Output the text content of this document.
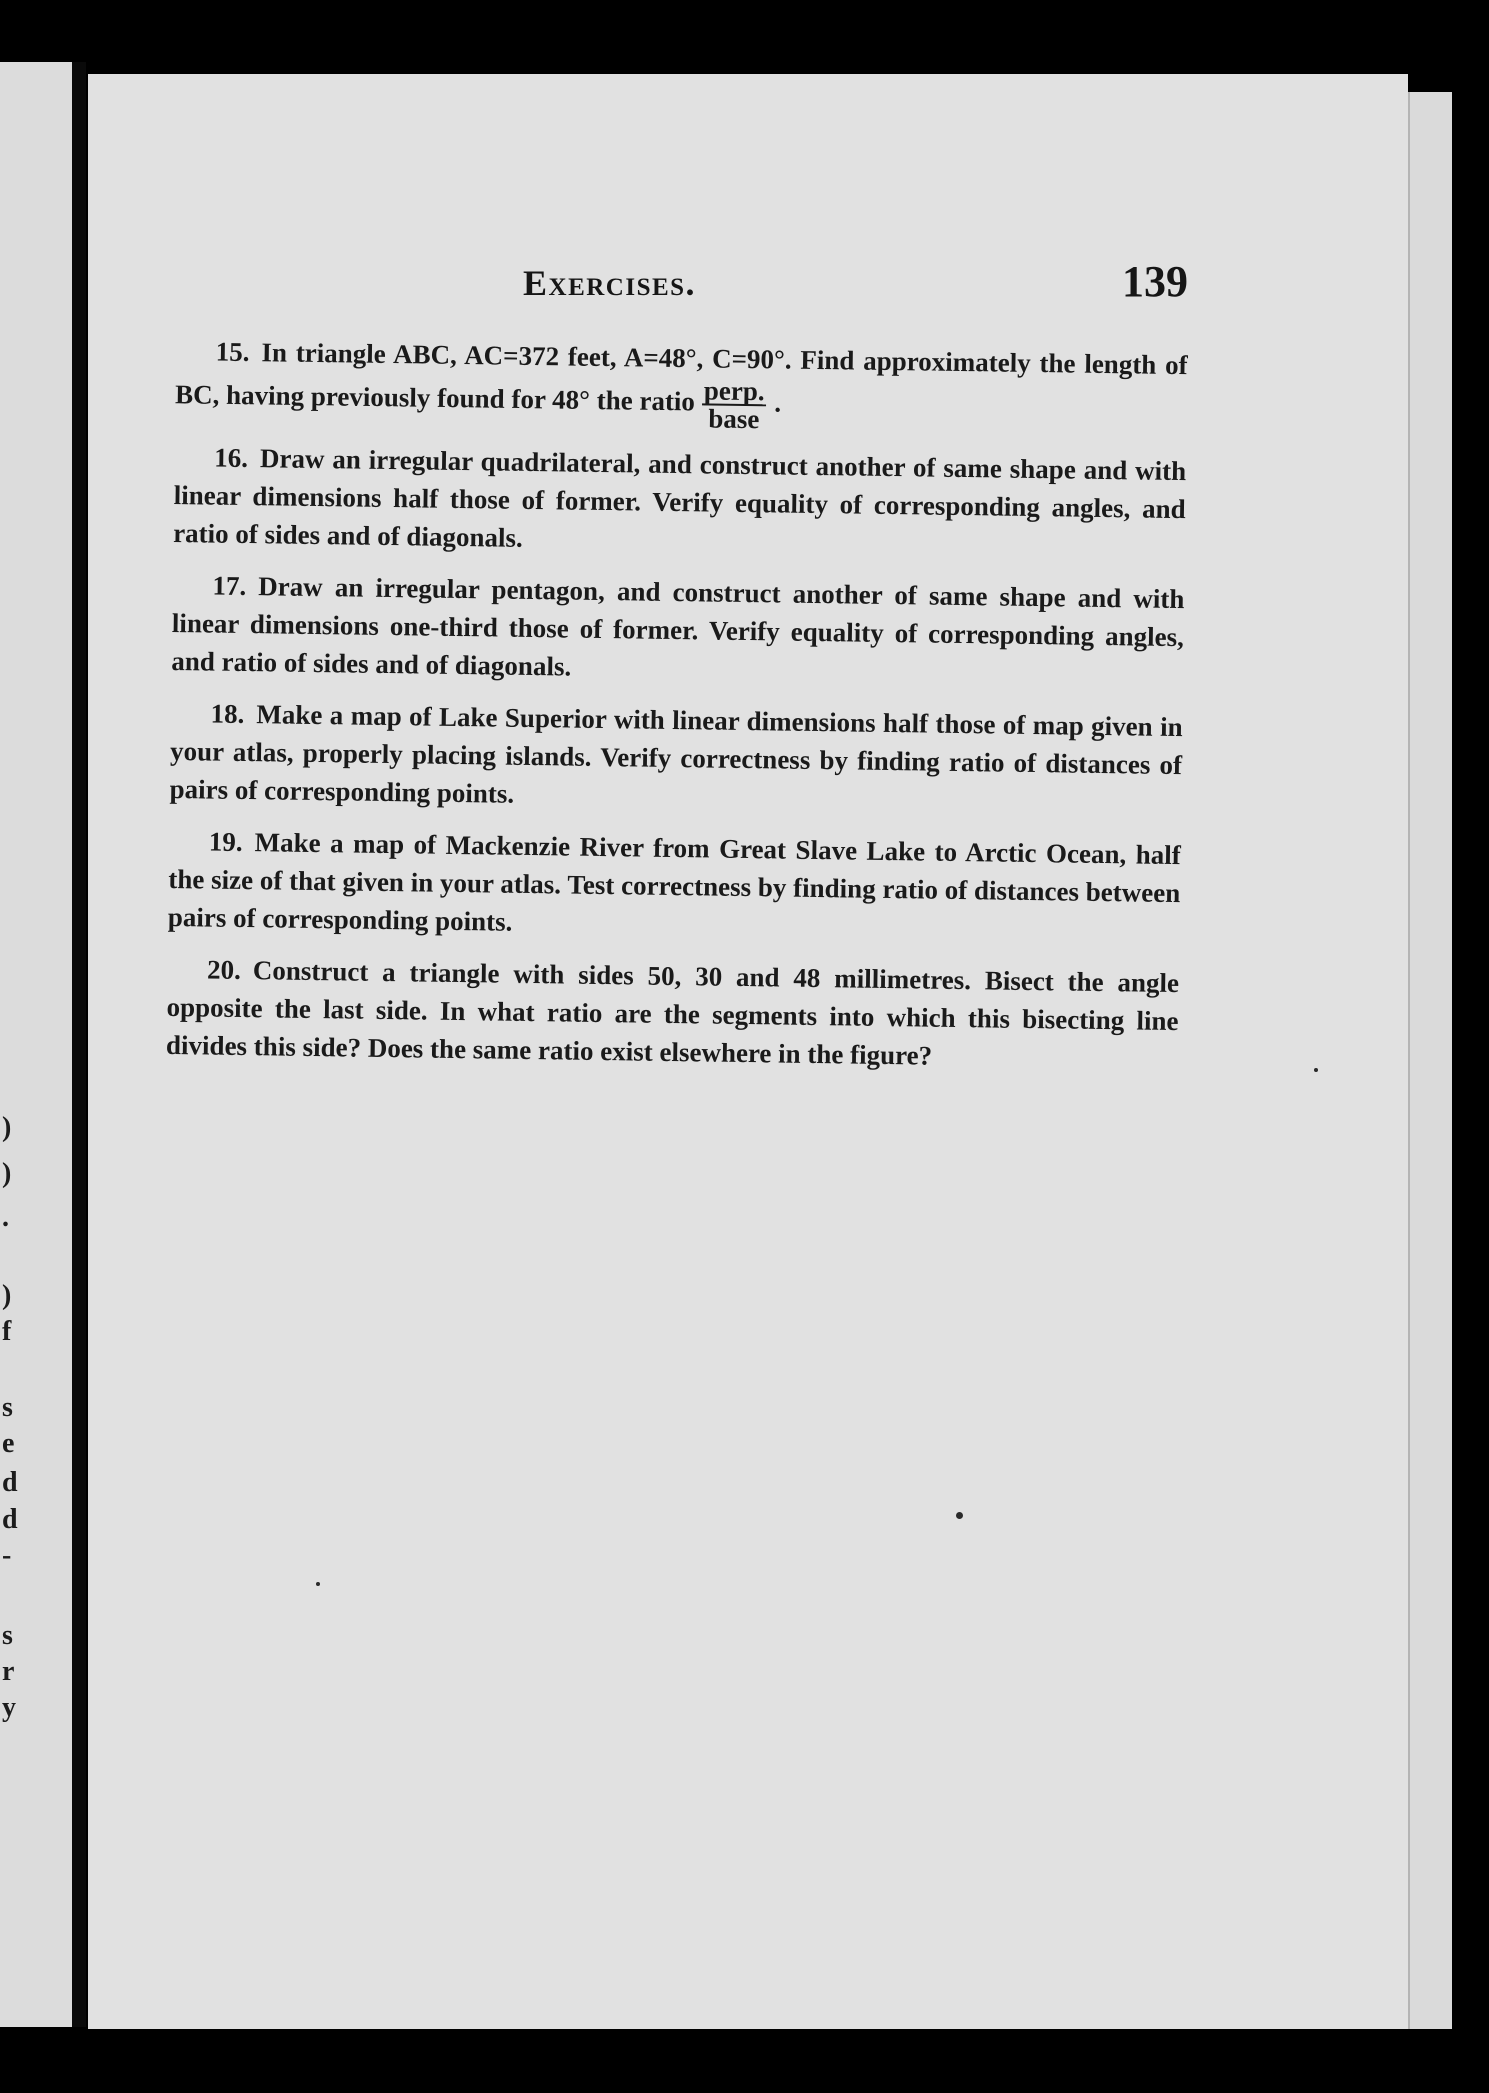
)
)
.
)
f
s
e
d
d
-
s
r
y
Exercises.	139

15. In triangle ABC, AC=372 feet, A=48°, C=90°. Find approximately the length of BC, having previously found for 48° the ratio $\frac{\text{perp.}}{\text{base}}$ .

16. Draw an irregular quadrilateral, and construct another of same shape and with linear dimensions half those of former. Verify equality of corresponding angles, and ratio of sides and of diagonals.

17. Draw an irregular pentagon, and construct another of same shape and with linear dimensions one-third those of former. Verify equality of corresponding angles, and ratio of sides and of diagonals.

18. Make a map of Lake Superior with linear dimensions half those of map given in your atlas, properly placing islands. Verify correctness by finding ratio of distances of pairs of corresponding points.

19. Make a map of Mackenzie River from Great Slave Lake to Arctic Ocean, half the size of that given in your atlas. Test correctness by finding ratio of distances between pairs of corresponding points.

20. Construct a triangle with sides 50, 30 and 48 millimetres. Bisect the angle opposite the last side. In what ratio are the segments into which this bisecting line divides this side? Does the same ratio exist elsewhere in the figure?
